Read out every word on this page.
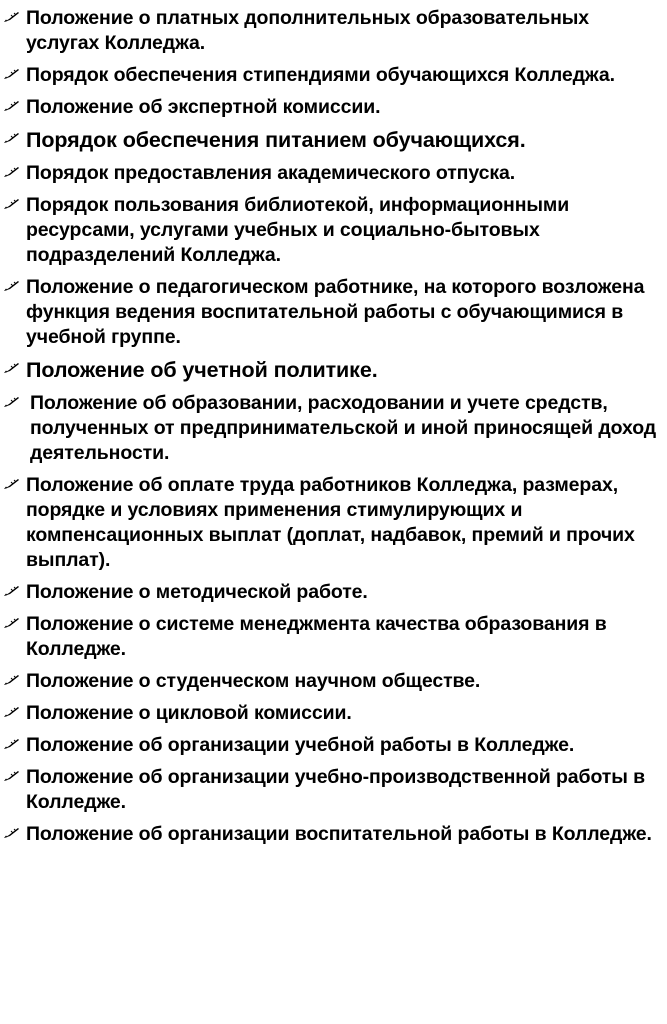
Положение о платных дополнительных образовательных услугах Колледжа.
Порядок обеспечения стипендиями обучающихся Колледжа.
Положение об экспертной комиссии.
Порядок обеспечения питанием обучающихся.
Порядок предоставления академического отпуска.
Порядок пользования библиотекой, информационными ресурсами, услугами учебных и социально-бытовых подразделений Колледжа.
Положение о педагогическом работнике, на которого возложена функция ведения воспитательной работы с обучающимися в учебной группе.
Положение об учетной политике.
Положение об образовании, расходовании и учете средств, полученных от предпринимательской и иной приносящей доход деятельности.
Положение об оплате труда работников Колледжа, размерах, порядке и условиях применения стимулирующих и компенсационных выплат (доплат, надбавок, премий и прочих выплат).
Положение о методической работе.
Положение о системе менеджмента качества образования в Колледже.
Положение о студенческом научном обществе.
Положение о цикловой комиссии.
Положение об организации учебной работы в Колледже.
Положение об организации учебно-производственной работы в Колледже.
Положение об организации воспитательной работы в Колледже.
